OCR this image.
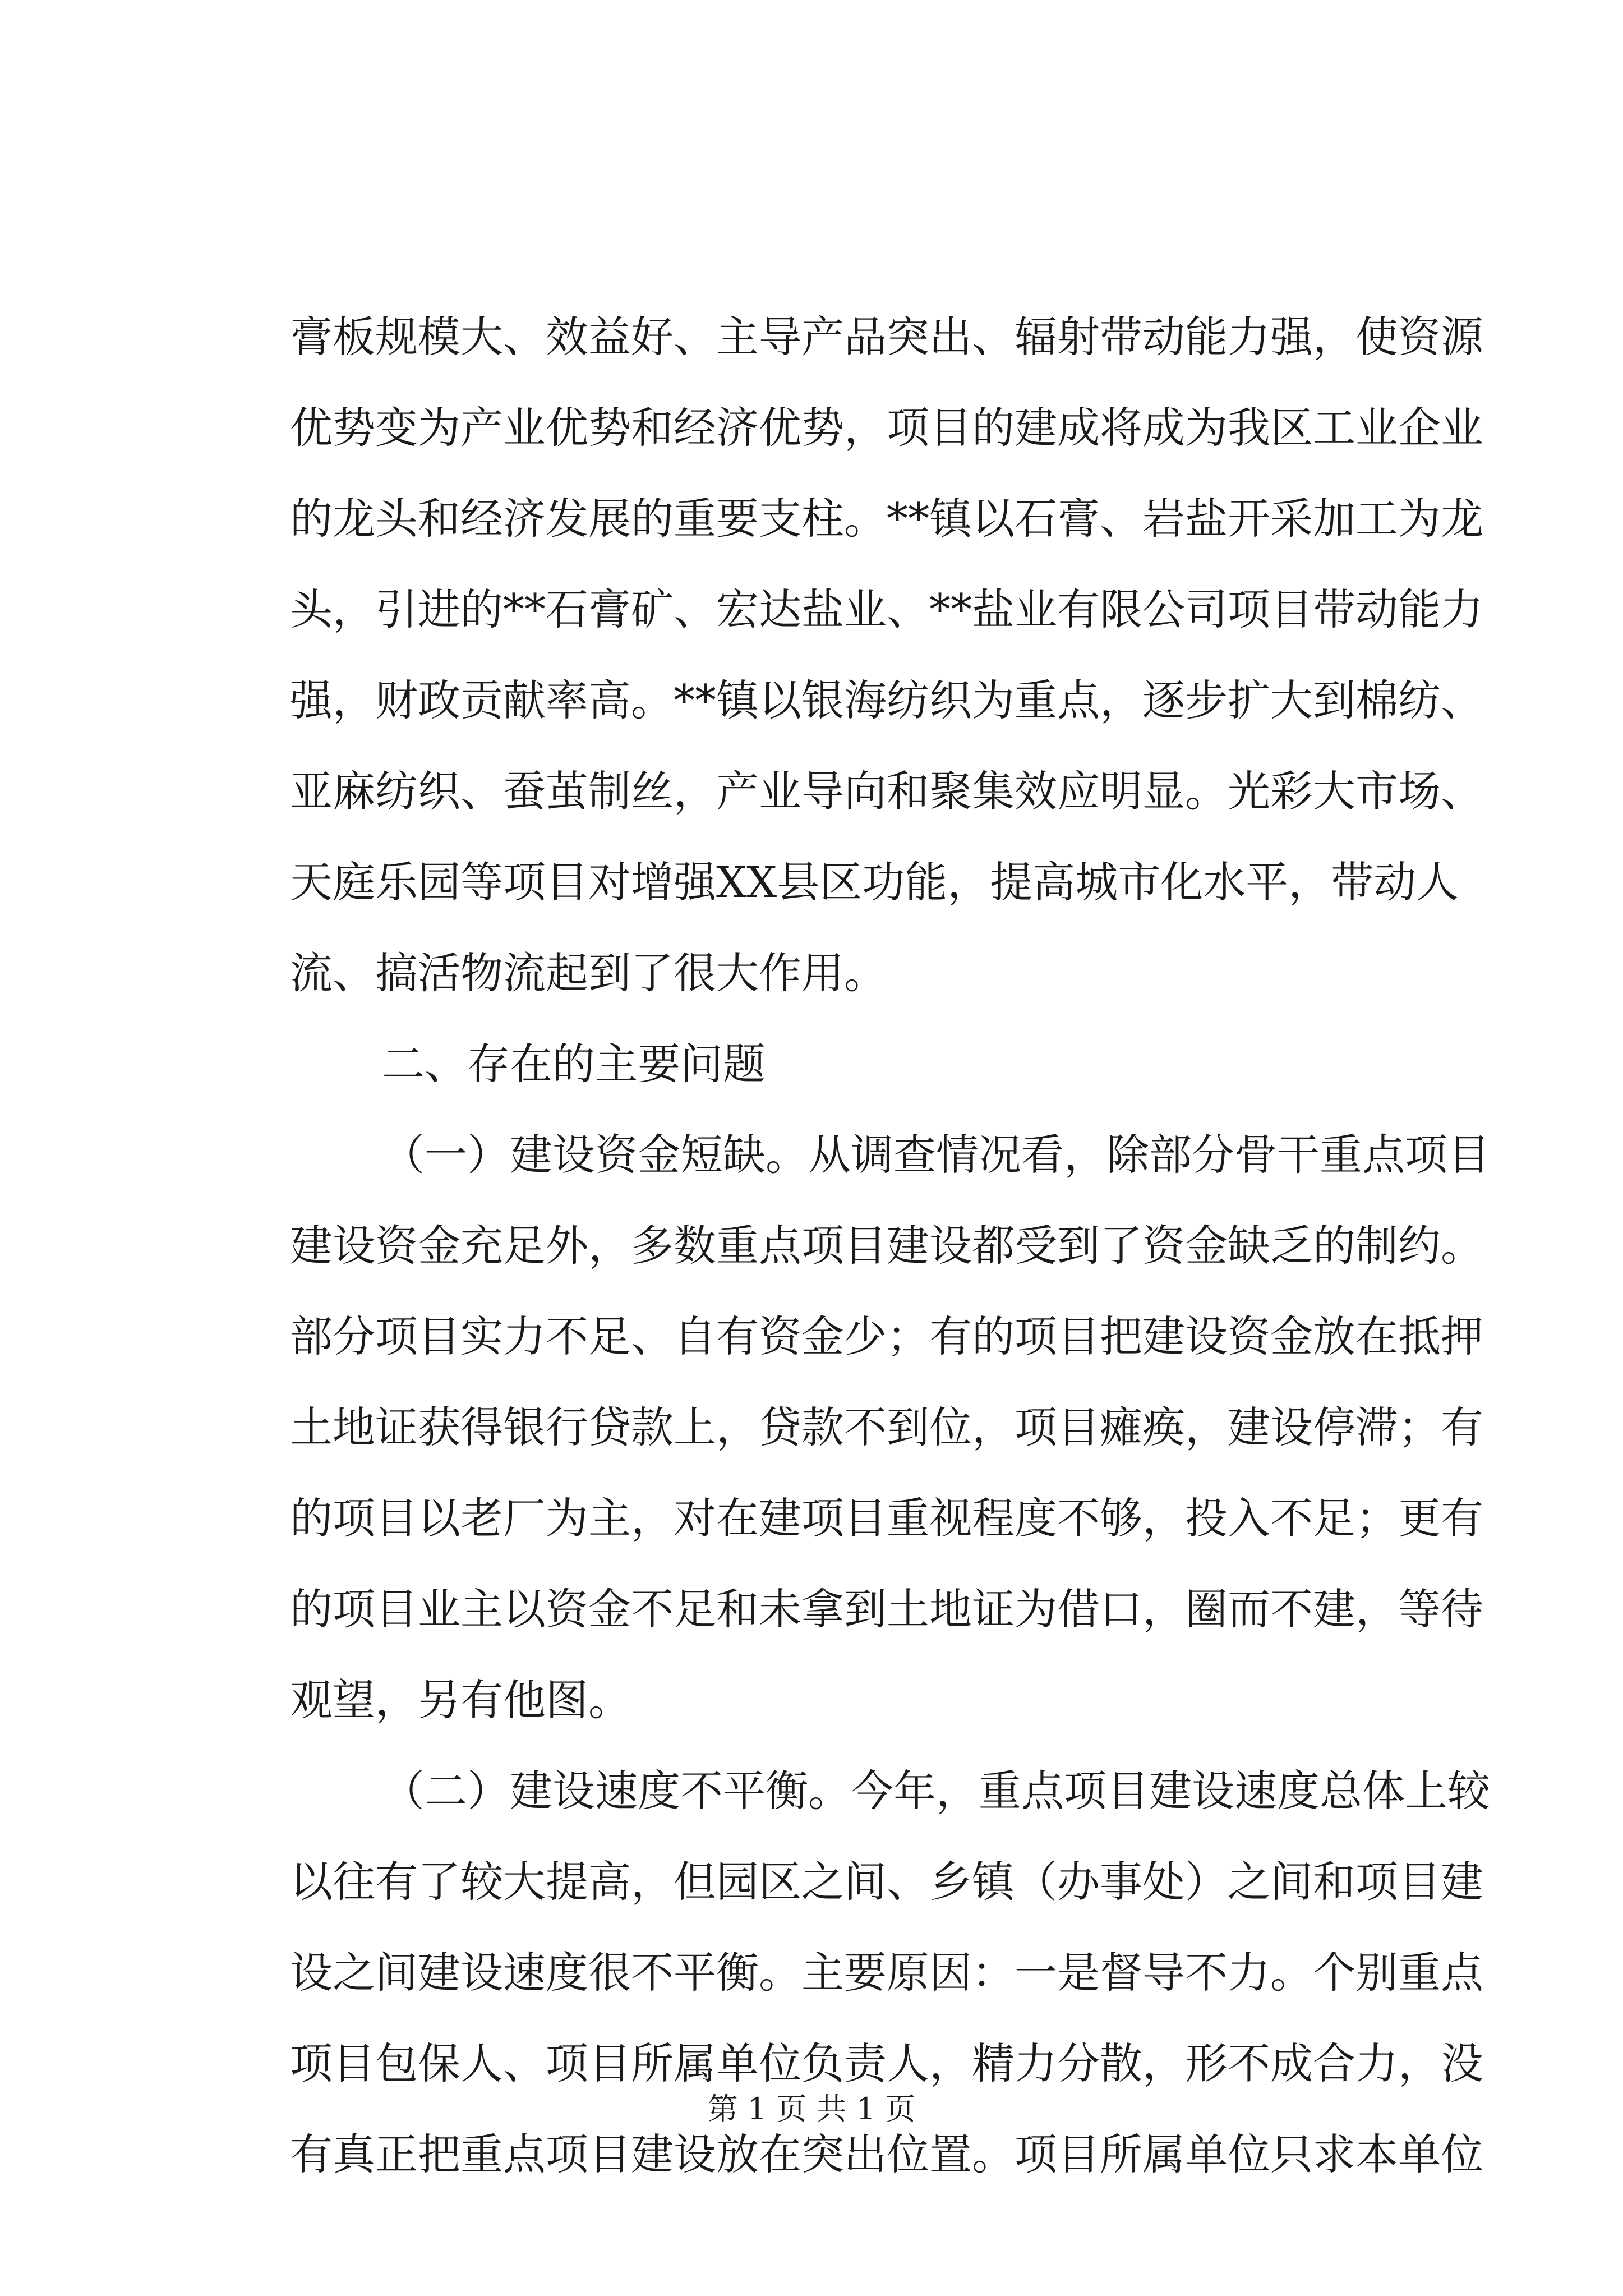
膏板规模大、效益好、主导产品突出、辐射带动能力强，使资源
优势变为产业优势和经济优势，项目的建成将成为我区工业企业
的龙头和经济发展的重要支柱。**镇以石膏、岩盐开采加工为龙
头，引进的**石膏矿、宏达盐业、**盐业有限公司项目带动能力
强，财政贡献率高。**镇以银海纺织为重点，逐步扩大到棉纺、
亚麻纺织、蚕茧制丝，产业导向和聚集效应明显。光彩大市场、
天庭乐园等项目对增强XX县区功能，提高城市化水平，带动人
流、搞活物流起到了很大作用。
二、存在的主要问题
（一）建设资金短缺。从调查情况看，除部分骨干重点项目
建设资金充足外，多数重点项目建设都受到了资金缺乏的制约。
部分项目实力不足、自有资金少；有的项目把建设资金放在抵押
土地证获得银行贷款上，贷款不到位，项目瘫痪，建设停滞；有
的项目以老厂为主，对在建项目重视程度不够，投入不足；更有
的项目业主以资金不足和未拿到土地证为借口，圈而不建，等待
观望，另有他图。
（二）建设速度不平衡。今年，重点项目建设速度总体上较
以往有了较大提高，但园区之间、乡镇（办事处）之间和项目建
设之间建设速度很不平衡。主要原因：一是督导不力。个别重点
项目包保人、项目所属单位负责人，精力分散，形不成合力，没
有真正把重点项目建设放在突出位置。项目所属单位只求本单位
第 1 页 共 1 页
